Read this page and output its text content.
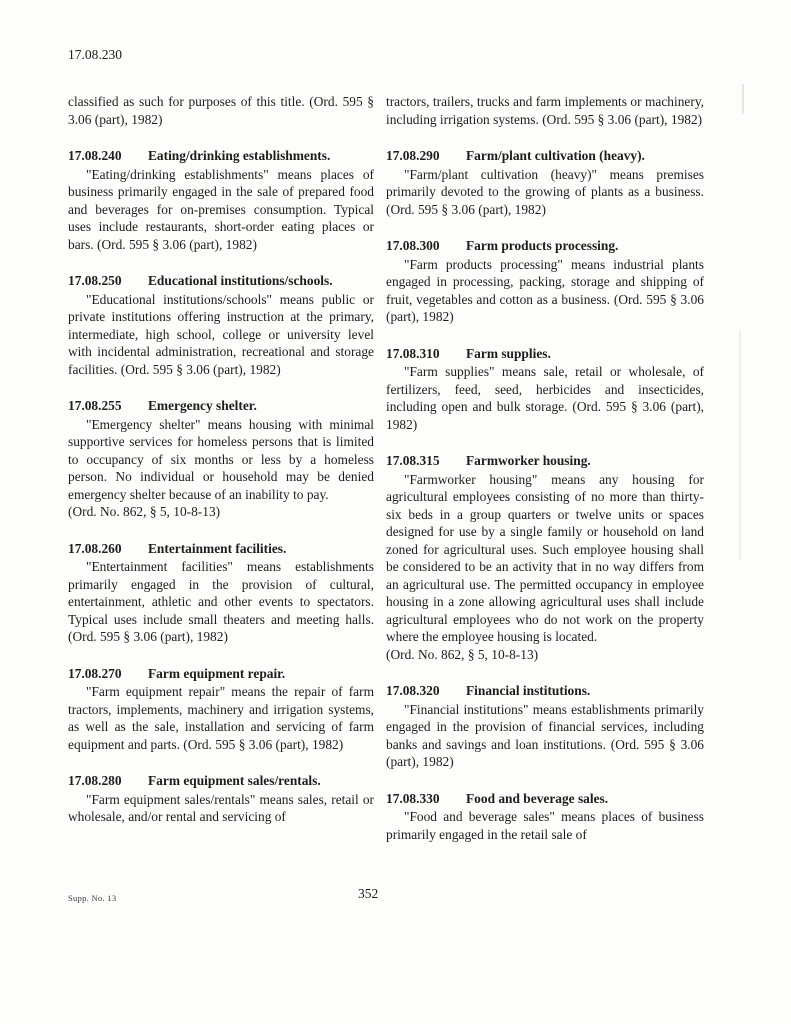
17.08.230

classified as such for purposes of this title. (Ord. 595 § 3.06 (part), 1982)

17.08.240 Eating/drinking establishments.

"Eating/drinking establishments" means places of business primarily engaged in the sale of prepared food and beverages for on-premises consumption. Typical uses include restaurants, short-order eating places or bars. (Ord. 595 § 3.06 (part), 1982)

17.08.250 Educational institutions/schools.

"Educational institutions/schools" means public or private institutions offering instruction at the primary, intermediate, high school, college or university level with incidental administration, recreational and storage facilities. (Ord. 595 § 3.06 (part), 1982)

17.08.255 Emergency shelter.

"Emergency shelter" means housing with minimal supportive services for homeless persons that is limited to occupancy of six months or less by a homeless person. No individual or household may be denied emergency shelter because of an inability to pay.

(Ord. No. 862, § 5, 10-8-13)

17.08.260 Entertainment facilities.

"Entertainment facilities" means establishments primarily engaged in the provision of cultural, entertainment, athletic and other events to spectators. Typical uses include small theaters and meeting halls. (Ord. 595 § 3.06 (part), 1982)

17.08.270 Farm equipment repair.

"Farm equipment repair" means the repair of farm tractors, implements, machinery and irrigation systems, as well as the sale, installation and servicing of farm equipment and parts. (Ord. 595 § 3.06 (part), 1982)

17.08.280 Farm equipment sales/rentals.

"Farm equipment sales/rentals" means sales, retail or wholesale, and/or rental and servicing of

tractors, trailers, trucks and farm implements or machinery, including irrigation systems. (Ord. 595 § 3.06 (part), 1982)

17.08.290 Farm/plant cultivation (heavy).

"Farm/plant cultivation (heavy)" means premises primarily devoted to the growing of plants as a business. (Ord. 595 § 3.06 (part), 1982)

17.08.300 Farm products processing.

"Farm products processing" means industrial plants engaged in processing, packing, storage and shipping of fruit, vegetables and cotton as a business. (Ord. 595 § 3.06 (part), 1982)

17.08.310 Farm supplies.

"Farm supplies" means sale, retail or wholesale, of fertilizers, feed, seed, herbicides and insecticides, including open and bulk storage. (Ord. 595 § 3.06 (part), 1982)

17.08.315 Farmworker housing.

"Farmworker housing" means any housing for agricultural employees consisting of no more than thirty-six beds in a group quarters or twelve units or spaces designed for use by a single family or household on land zoned for agricultural uses. Such employee housing shall be considered to be an activity that in no way differs from an agricultural use. The permitted occupancy in employee housing in a zone allowing agricultural uses shall include agricultural employees who do not work on the property where the employee housing is located.

(Ord. No. 862, § 5, 10-8-13)

17.08.320 Financial institutions.

"Financial institutions" means establishments primarily engaged in the provision of financial services, including banks and savings and loan institutions. (Ord. 595 § 3.06 (part), 1982)

17.08.330 Food and beverage sales.

"Food and beverage sales" means places of business primarily engaged in the retail sale of

Supp. No. 13	352
